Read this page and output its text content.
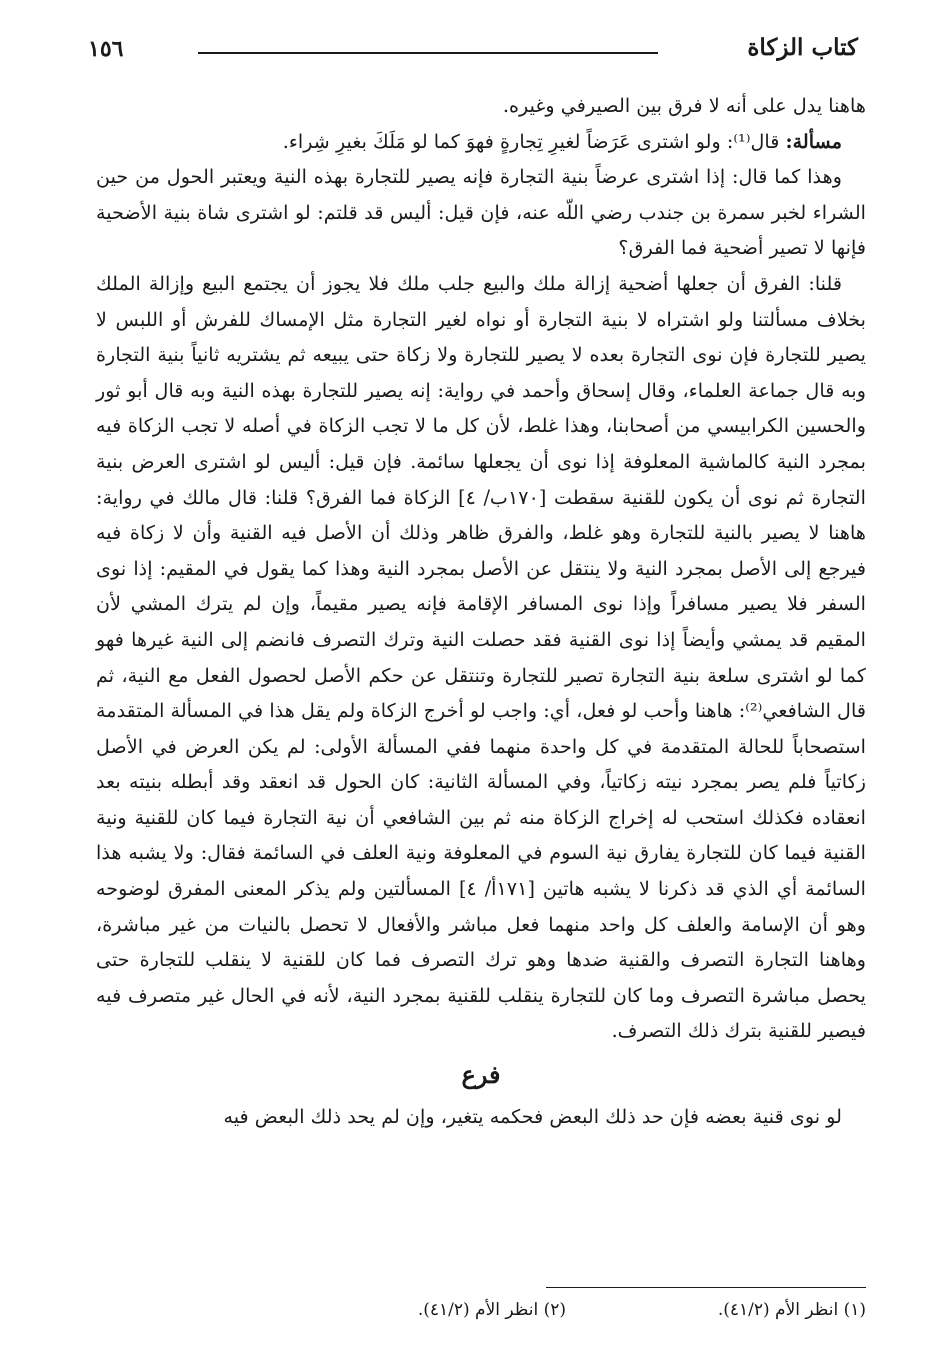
١٥٦	كتاب الزكاة

هاهنا يدل على أنه لا فرق بين الصيرفي وغيره.

مسألة: قال⁽¹⁾: ولو اشترى عَرَضاً لغيرِ تِجارةٍ فهوَ كما لو مَلَكَ بغيرِ شِراء.

وهذا كما قال: إذا اشترى عرضاً بنية التجارة فإنه يصير للتجارة بهذه النية ويعتبر الحول من حين الشراء لخبر سمرة بن جندب رضي اللّه عنه، فإن قيل: أليس قد قلتم: لو اشترى شاة بنية الأضحية فإنها لا تصير أضحية فما الفرق؟

قلنا: الفرق أن جعلها أضحية إزالة ملك والبيع جلب ملك فلا يجوز أن يجتمع البيع وإزالة الملك بخلاف مسألتنا ولو اشتراه لا بنية التجارة أو نواه لغير التجارة مثل الإمساك للفرش أو اللبس لا يصير للتجارة فإن نوى التجارة بعده لا يصير للتجارة ولا زكاة حتى يبيعه ثم يشتريه ثانياً بنية التجارة وبه قال جماعة العلماء، وقال إسحاق وأحمد في رواية: إنه يصير للتجارة بهذه النية وبه قال أبو ثور والحسين الكرابيسي من أصحابنا، وهذا غلط، لأن كل ما لا تجب الزكاة في أصله لا تجب الزكاة فيه بمجرد النية كالماشية المعلوفة إذا نوى أن يجعلها سائمة. فإن قيل: أليس لو اشترى العرض بنية التجارة ثم نوى أن يكون للقنية سقطت [١٧٠ب/ ٤] الزكاة فما الفرق؟ قلنا: قال مالك في رواية: هاهنا لا يصير بالنية للتجارة وهو غلط، والفرق ظاهر وذلك أن الأصل فيه القنية وأن لا زكاة فيه فيرجع إلى الأصل بمجرد النية ولا ينتقل عن الأصل بمجرد النية وهذا كما يقول في المقيم: إذا نوى السفر فلا يصير مسافراً وإذا نوى المسافر الإقامة فإنه يصير مقيماً، وإن لم يترك المشي لأن المقيم قد يمشي وأيضاً إذا نوى القنية فقد حصلت النية وترك التصرف فانضم إلى النية غيرها فهو كما لو اشترى سلعة بنية التجارة تصير للتجارة وتنتقل عن حكم الأصل لحصول الفعل مع النية، ثم قال الشافعي⁽²⁾: هاهنا وأحب لو فعل، أي: واجب لو أخرج الزكاة ولم يقل هذا في المسألة المتقدمة استصحاباً للحالة المتقدمة في كل واحدة منهما ففي المسألة الأولى: لم يكن العرض في الأصل زكاتياً فلم يصر بمجرد نيته زكاتياً، وفي المسألة الثانية: كان الحول قد انعقد وقد أبطله بنيته بعد انعقاده فكذلك استحب له إخراج الزكاة منه ثم بين الشافعي أن نية التجارة فيما كان للقنية ونية القنية فيما كان للتجارة يفارق نية السوم في المعلوفة ونية العلف في السائمة فقال: ولا يشبه هذا السائمة أي الذي قد ذكرنا لا يشبه هاتين [١٧١أ/ ٤] المسألتين ولم يذكر المعنى المفرق لوضوحه وهو أن الإسامة والعلف كل واحد منهما فعل مباشر والأفعال لا تحصل بالنيات من غير مباشرة، وهاهنا التجارة التصرف والقنية ضدها وهو ترك التصرف فما كان للقنية لا ينقلب للتجارة حتى يحصل مباشرة التصرف وما كان للتجارة ينقلب للقنية بمجرد النية، لأنه في الحال غير متصرف فيه فيصير للقنية بترك ذلك التصرف.

فرع

لو نوى قنية بعضه فإن حد ذلك البعض فحكمه يتغير، وإن لم يحد ذلك البعض فيه

(١) انظر الأم (٤١/٢).
(٢) انظر الأم (٤١/٢).
